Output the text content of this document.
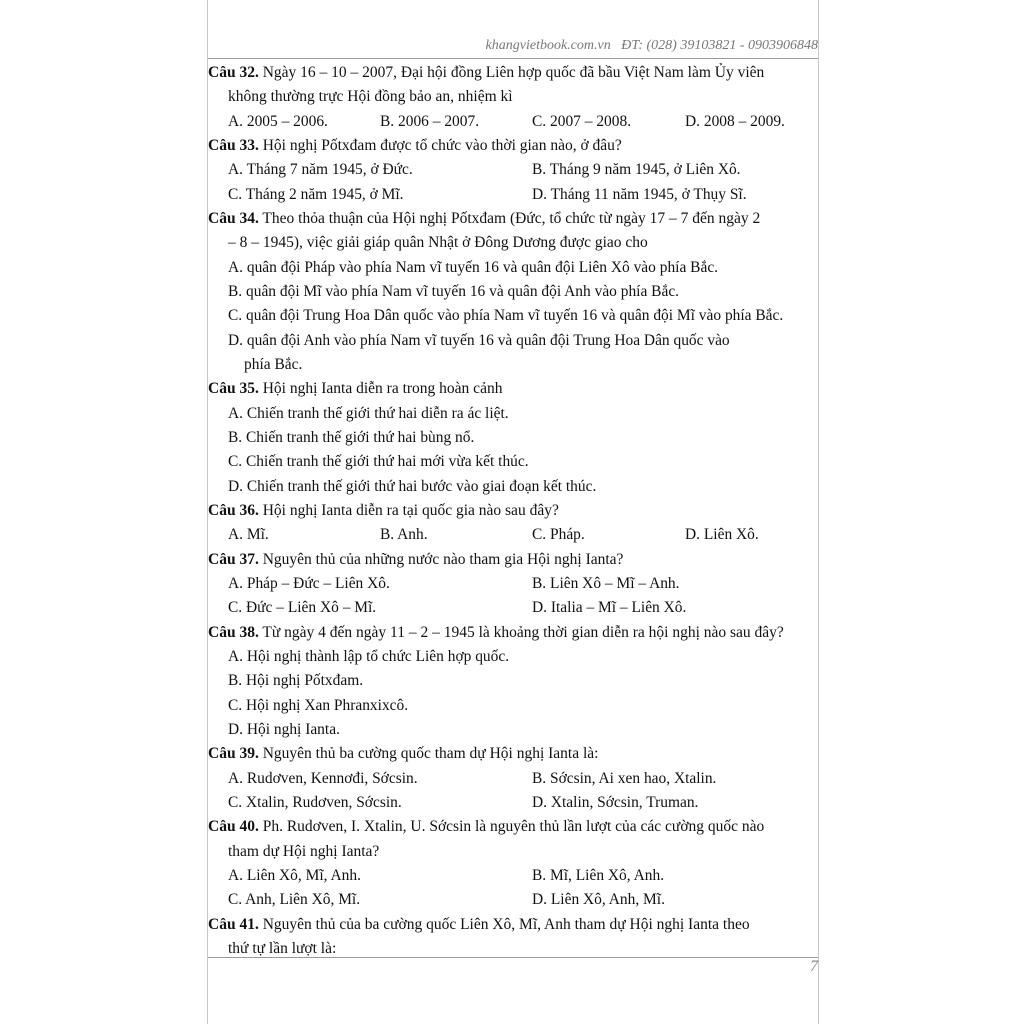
khangvietbook.com.vn ĐT: (028) 39103821 - 0903906848
Câu 32. Ngày 16 – 10 – 2007, Đại hội đồng Liên hợp quốc đã bầu Việt Nam làm Ủy viên
không thường trực Hội đồng bảo an, nhiệm kì
A. 2005 – 2006.	B. 2006 – 2007.	C. 2007 – 2008.	D. 2008 – 2009.
Câu 33. Hội nghị Pốtxđam được tổ chức vào thời gian nào, ở đâu?
A. Tháng 7 năm 1945, ở Đức.	B. Tháng 9 năm 1945, ở Liên Xô.
C. Tháng 2 năm 1945, ở Mĩ.	D. Tháng 11 năm 1945, ở Thụy Sĩ.
Câu 34. Theo thỏa thuận của Hội nghị Pốtxđam (Đức, tổ chức từ ngày 17 – 7 đến ngày 2
– 8 – 1945), việc giải giáp quân Nhật ở Đông Dương được giao cho
A. quân đội Pháp vào phía Nam vĩ tuyến 16 và quân đội Liên Xô vào phía Bắc.
B. quân đội Mĩ vào phía Nam vĩ tuyến 16 và quân đội Anh vào phía Bắc.
C. quân đội Trung Hoa Dân quốc vào phía Nam vĩ tuyến 16 và quân đội Mĩ vào phía Bắc.
D. quân đội Anh vào phía Nam vĩ tuyến 16 và quân đội Trung Hoa Dân quốc vào
phía Bắc.
Câu 35. Hội nghị Ianta diễn ra trong hoàn cảnh
A. Chiến tranh thế giới thứ hai diễn ra ác liệt.
B. Chiến tranh thế giới thứ hai bùng nổ.
C. Chiến tranh thế giới thứ hai mới vừa kết thúc.
D. Chiến tranh thế giới thứ hai bước vào giai đoạn kết thúc.
Câu 36. Hội nghị Ianta diễn ra tại quốc gia nào sau đây?
A. Mĩ.	B. Anh.	C. Pháp.	D. Liên Xô.
Câu 37. Nguyên thủ của những nước nào tham gia Hội nghị Ianta?
A. Pháp – Đức – Liên Xô.	B. Liên Xô – Mĩ – Anh.
C. Đức – Liên Xô – Mĩ.	D. Italia – Mĩ – Liên Xô.
Câu 38. Từ ngày 4 đến ngày 11 – 2 – 1945 là khoảng thời gian diễn ra hội nghị nào sau đây?
A. Hội nghị thành lập tổ chức Liên hợp quốc.
B. Hội nghị Pốtxđam.
C. Hội nghị Xan Phranxixcô.
D. Hội nghị Ianta.
Câu 39. Nguyên thủ ba cường quốc tham dự Hội nghị Ianta là:
A. Rudơven, Kennơđi, Sớcsin.	B. Sớcsin, Ai xen hao, Xtalin.
C. Xtalin, Rudơven, Sớcsin.	D. Xtalin, Sớcsin, Truman.
Câu 40. Ph. Rudơven, I. Xtalin, U. Sớcsin là nguyên thủ lần lượt của các cường quốc nào
tham dự Hội nghị Ianta?
A. Liên Xô, Mĩ, Anh.	B. Mĩ, Liên Xô, Anh.
C. Anh, Liên Xô, Mĩ.	D. Liên Xô, Anh, Mĩ.
Câu 41. Nguyên thủ của ba cường quốc Liên Xô, Mĩ, Anh tham dự Hội nghị Ianta theo
thứ tự lần lượt là:
7
